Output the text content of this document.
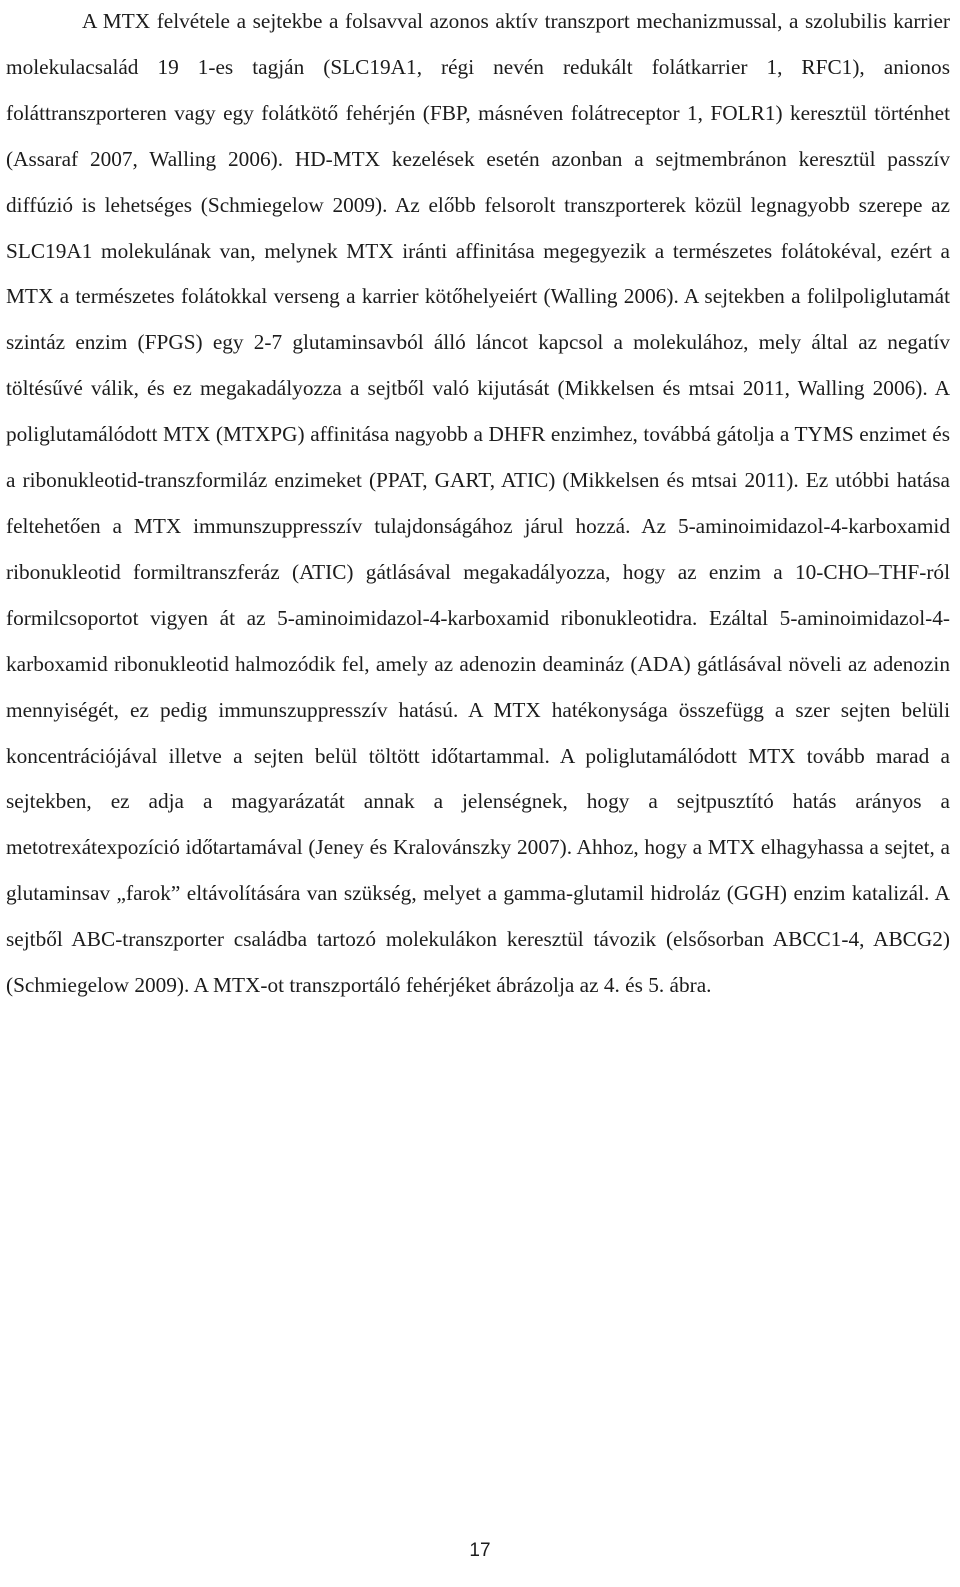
A MTX felvétele a sejtekbe a folsavval azonos aktív transzport mechanizmussal, a szolubilis karrier molekulacsalád 19 1-es tagján (SLC19A1, régi nevén redukált folátkarrier 1, RFC1), anionos foláttranszporteren vagy egy folátkötő fehérjén (FBP, másnéven folátreceptor 1, FOLR1) keresztül történhet (Assaraf 2007, Walling 2006). HD-MTX kezelések esetén azonban a sejtmembránon keresztül passzív diffúzió is lehetséges (Schmiegelow 2009). Az előbb felsorolt transzporterek közül legnagyobb szerepe az SLC19A1 molekulának van, melynek MTX iránti affinitása megegyezik a természetes folátokéval, ezért a MTX a természetes folátokkal verseng a karrier kötőhelyeiért (Walling 2006). A sejtekben a folilpoliglutamát szintáz enzim (FPGS) egy 2-7 glutaminsavból álló láncot kapcsol a molekulához, mely által az negatív töltésűvé válik, és ez megakadályozza a sejtből való kijutását (Mikkelsen és mtsai 2011, Walling 2006). A poliglutamálódott MTX (MTXPG) affinitása nagyobb a DHFR enzimhez, továbbá gátolja a TYMS enzimet és a ribonukleotid-transzformiláz enzimeket (PPAT, GART, ATIC) (Mikkelsen és mtsai 2011). Ez utóbbi hatása feltehetően a MTX immunszuppresszív tulajdonságához járul hozzá. Az 5-aminoimidazol-4-karboxamid ribonukleotid formiltranszferáz (ATIC) gátlásával megakadályozza, hogy az enzim a 10-CHO–THF-ról formilcsoportot vigyen át az 5-aminoimidazol-4-karboxamid ribonukleotidra. Ezáltal 5-aminoimidazol-4-karboxamid ribonukleotid halmozódik fel, amely az adenozin deamináz (ADA) gátlásával növeli az adenozin mennyiségét, ez pedig immunszuppresszív hatású. A MTX hatékonysága összefügg a szer sejten belüli koncentrációjával illetve a sejten belül töltött időtartammal. A poliglutamálódott MTX tovább marad a sejtekben, ez adja a magyarázatát annak a jelenségnek, hogy a sejtpusztító hatás arányos a metotrexátexpozíció időtartamával (Jeney és Kralovánszky 2007). Ahhoz, hogy a MTX elhagyhassa a sejtet, a glutaminsav „farok” eltávolítására van szükség, melyet a gamma-glutamil hidroláz (GGH) enzim katalizál. A sejtből ABC-transzporter családba tartozó molekulákon keresztül távozik (elsősorban ABCC1-4, ABCG2) (Schmiegelow 2009). A MTX-ot transzportáló fehérjéket ábrázolja az 4. és 5. ábra.

17
